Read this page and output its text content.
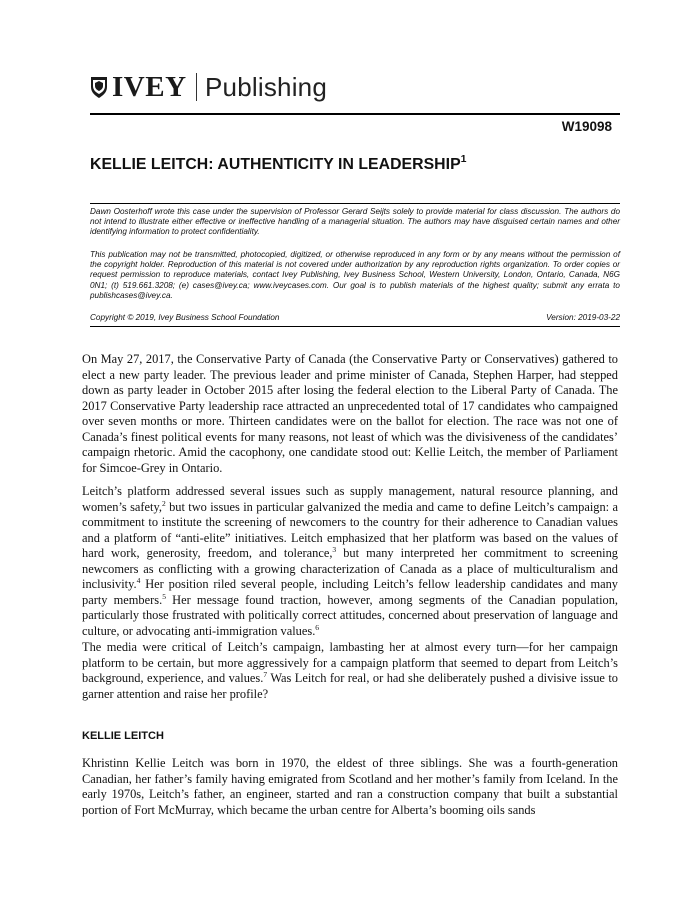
IVEY Publishing
W19098
KELLIE LEITCH: AUTHENTICITY IN LEADERSHIP$^1$
Dawn Oosterhoff wrote this case under the supervision of Professor Gerard Seijts solely to provide material for class discussion. The authors do not intend to illustrate either effective or ineffective handling of a managerial situation. The authors may have disguised certain names and other identifying information to protect confidentiality.
This publication may not be transmitted, photocopied, digitized, or otherwise reproduced in any form or by any means without the permission of the copyright holder. Reproduction of this material is not covered under authorization by any reproduction rights organization. To order copies or request permission to reproduce materials, contact Ivey Publishing, Ivey Business School, Western University, London, Ontario, Canada, N6G 0N1; (t) 519.661.3208; (e) cases@ivey.ca; www.iveycases.com. Our goal is to publish materials of the highest quality; submit any errata to publishcases@ivey.ca.
Copyright © 2019, Ivey Business School Foundation	Version: 2019-03-22

On May 27, 2017, the Conservative Party of Canada (the Conservative Party or Conservatives) gathered to elect a new party leader. The previous leader and prime minister of Canada, Stephen Harper, had stepped down as party leader in October 2015 after losing the federal election to the Liberal Party of Canada. The 2017 Conservative Party leadership race attracted an unprecedented total of 17 candidates who campaigned over seven months or more. Thirteen candidates were on the ballot for election. The race was not one of Canada’s finest political events for many reasons, not least of which was the divisiveness of the candidates’ campaign rhetoric. Amid the cacophony, one candidate stood out: Kellie Leitch, the member of Parliament for Simcoe-Grey in Ontario.

Leitch’s platform addressed several issues such as supply management, natural resource planning, and women’s safety,$^2$ but two issues in particular galvanized the media and came to define Leitch’s campaign: a commitment to institute the screening of newcomers to the country for their adherence to Canadian values and a platform of “anti-elite” initiatives. Leitch emphasized that her platform was based on the values of hard work, generosity, freedom, and tolerance,$^3$ but many interpreted her commitment to screening newcomers as conflicting with a growing characterization of Canada as a place of multiculturalism and inclusivity.$^4$ Her position riled several people, including Leitch’s fellow leadership candidates and many party members.$^5$ Her message found traction, however, among segments of the Canadian population, particularly those frustrated with politically correct attitudes, concerned about preservation of language and culture, or advocating anti-immigration values.$^6$

The media were critical of Leitch’s campaign, lambasting her at almost every turn—for her campaign platform to be certain, but more aggressively for a campaign platform that seemed to depart from Leitch’s background, experience, and values.$^7$ Was Leitch for real, or had she deliberately pushed a divisive issue to garner attention and raise her profile?

KELLIE LEITCH

Khristinn Kellie Leitch was born in 1970, the eldest of three siblings. She was a fourth-generation Canadian, her father’s family having emigrated from Scotland and her mother’s family from Iceland. In the early 1970s, Leitch’s father, an engineer, started and ran a construction company that built a substantial portion of Fort McMurray, which became the urban centre for Alberta’s booming oils sands
